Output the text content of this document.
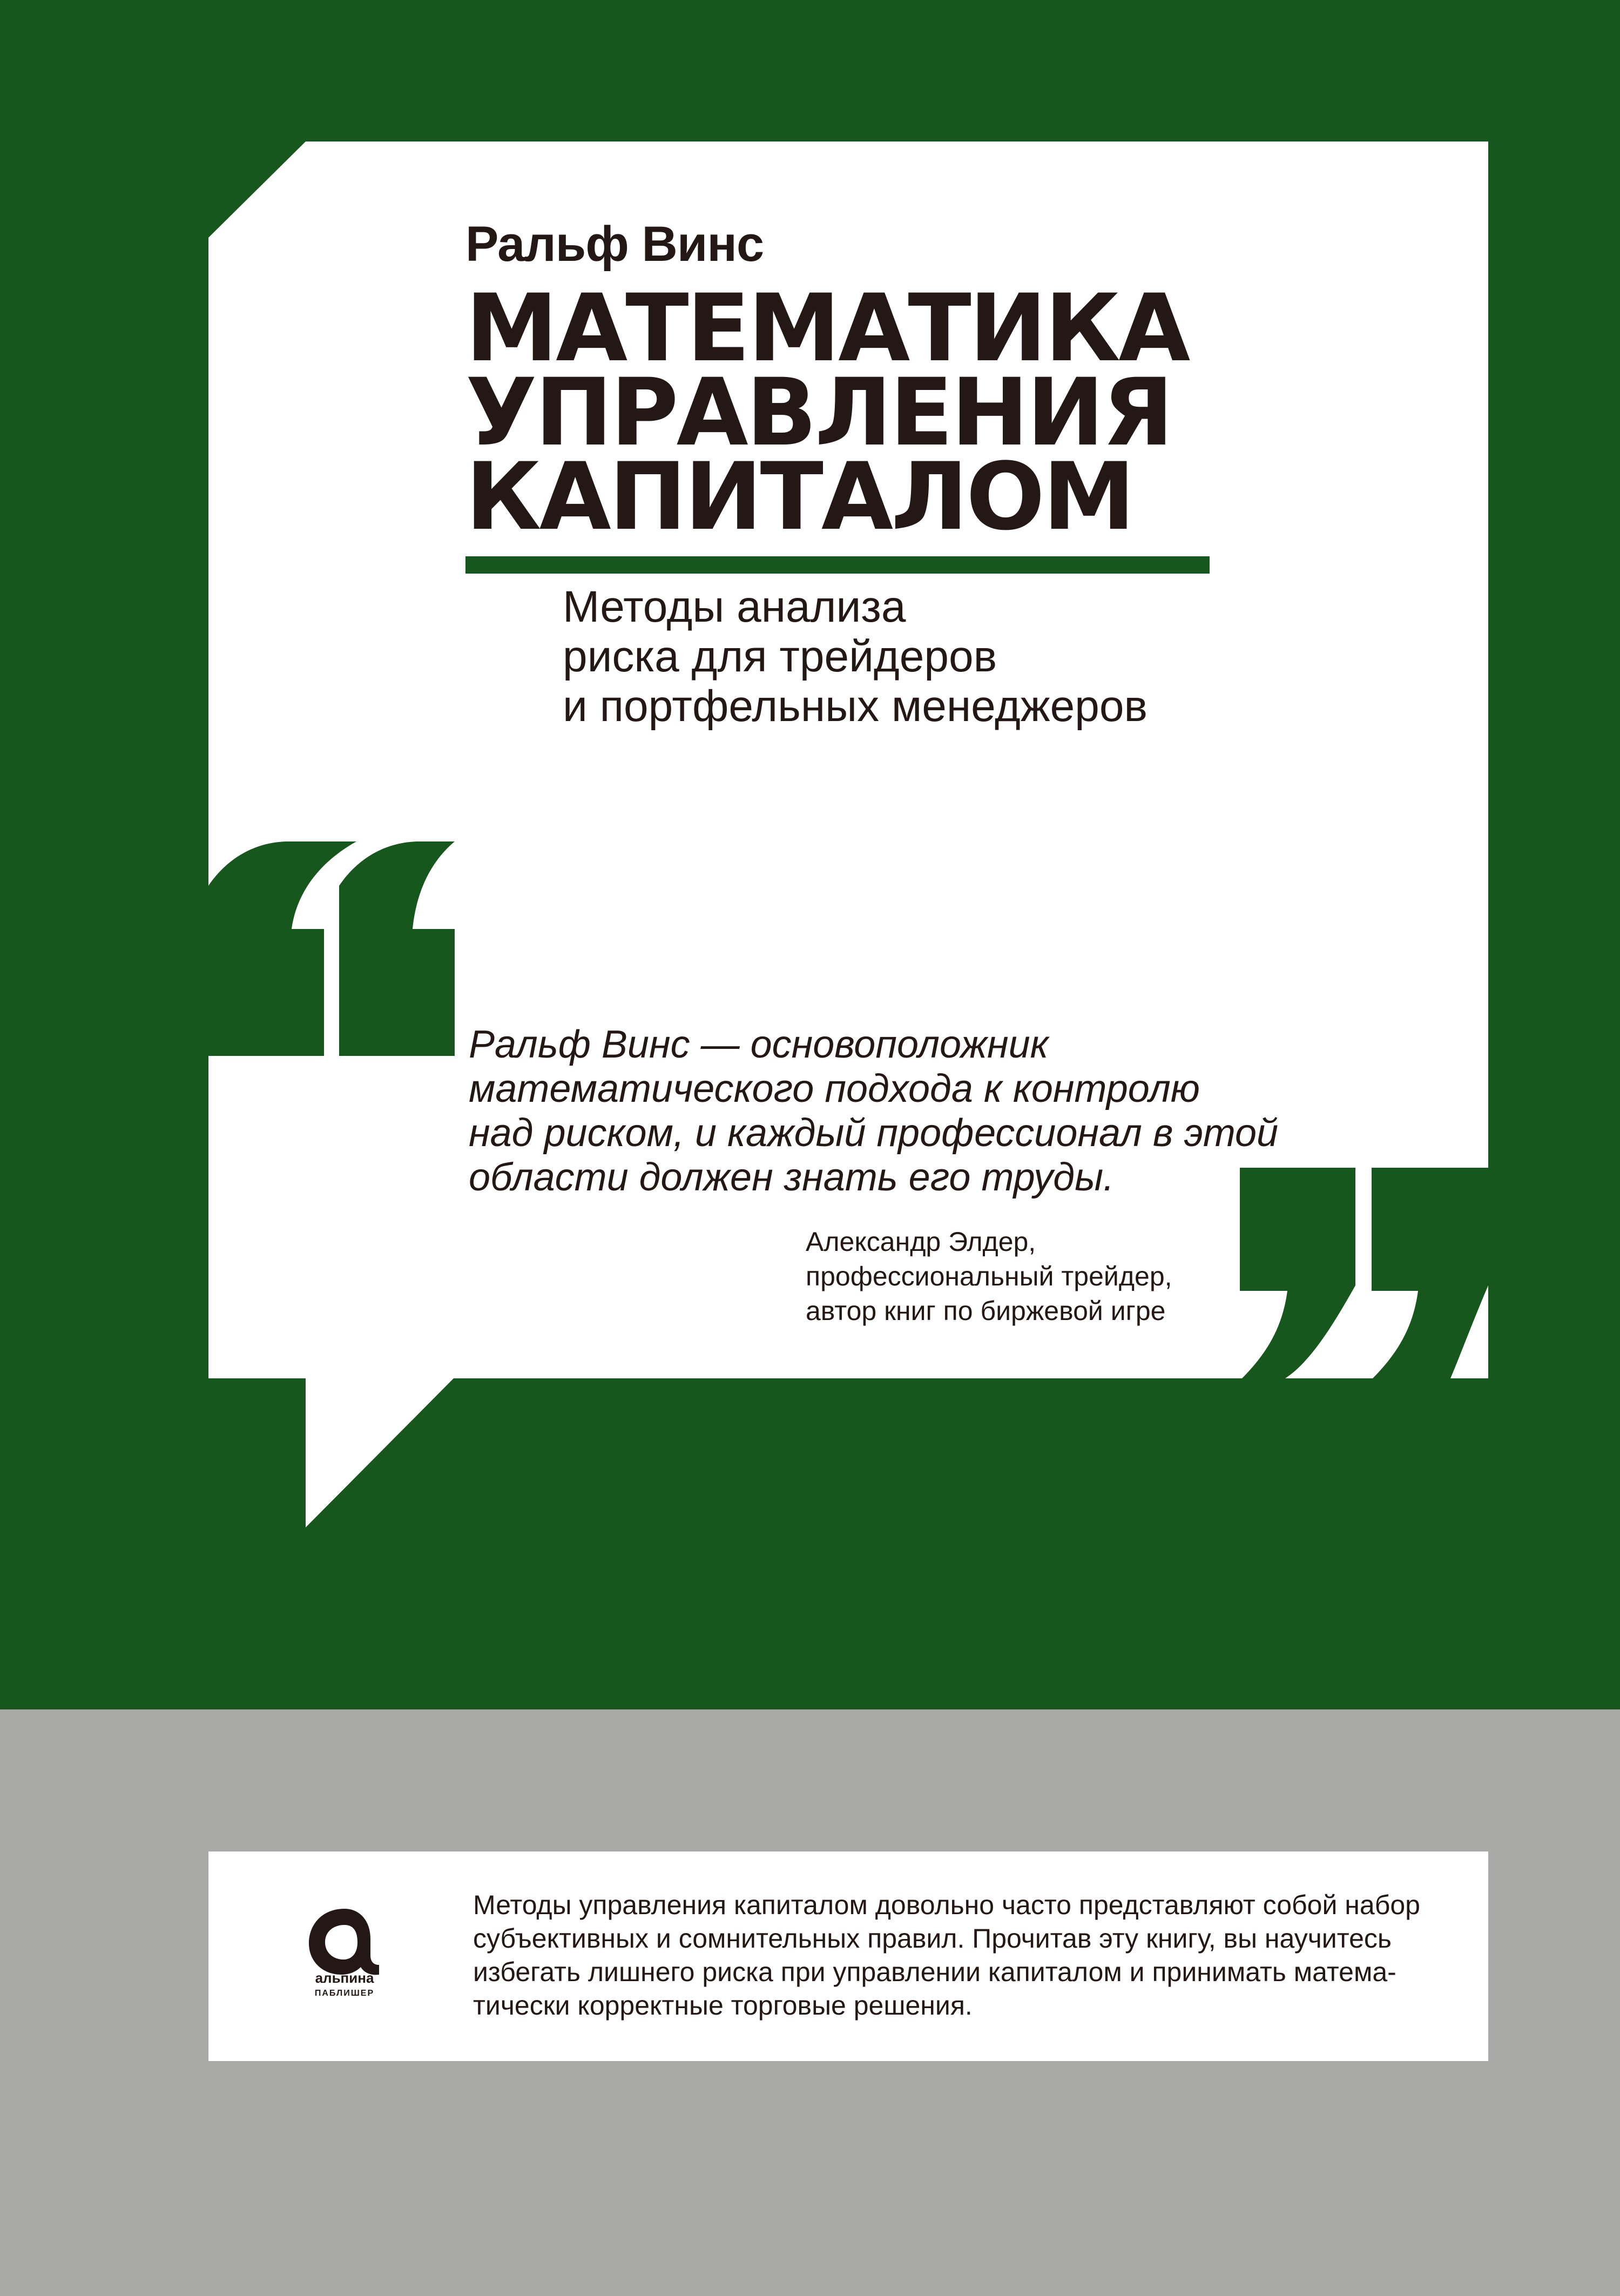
Ральф Винс
МАТЕМАТИКА
УПРАВЛЕНИЯ
КАПИТАЛОМ
Методы анализа
риска для трейдеров
и портфельных менеджеров
Ральф Винс — основоположник
математического подхода к контролю
над риском, и каждый профессионал в этой
области должен знать его труды.
Александр Элдер,
профессиональный трейдер,
автор книг по биржевой игре
альпина
ПАБЛИШЕР
Методы управления капиталом довольно часто представляют собой набор
субъективных и сомнительных правил. Прочитав эту книгу, вы научитесь
избегать лишнего риска при управлении капиталом и принимать матема-
тически корректные торговые решения.
